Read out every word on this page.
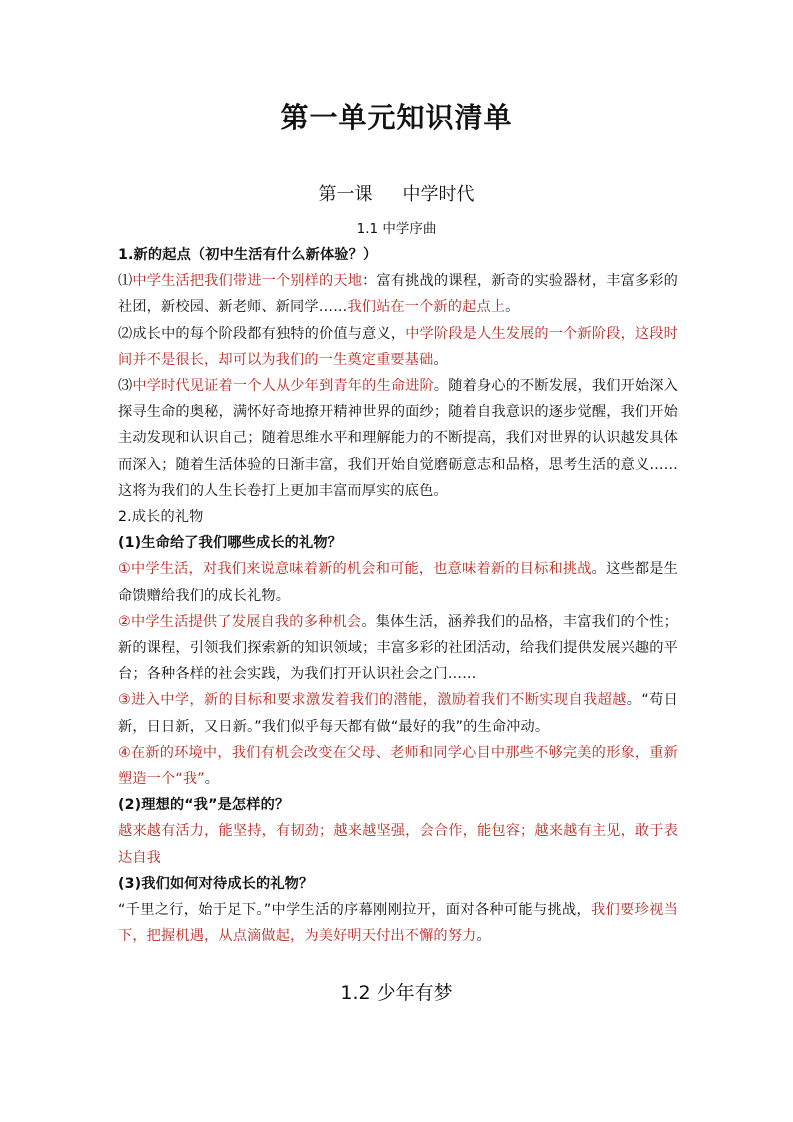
第一单元知识清单
第一课 中学时代
1.1 中学序曲

1.新的起点（初中生活有什么新体验？）

⑴中学生活把我们带进一个别样的天地：富有挑战的课程，新奇的实验器材，丰富多彩的社团，新校园、新老师、新同学……我们站在一个新的起点上。

⑵成长中的每个阶段都有独特的价值与意义，中学阶段是人生发展的一个新阶段，这段时间并不是很长，却可以为我们的一生奠定重要基础。

⑶中学时代见证着一个人从少年到青年的生命进阶。随着身心的不断发展，我们开始深入探寻生命的奥秘，满怀好奇地撩开精神世界的面纱；随着自我意识的逐步觉醒，我们开始主动发现和认识自己；随着思维水平和理解能力的不断提高，我们对世界的认识越发具体而深入；随着生活体验的日渐丰富，我们开始自觉磨砺意志和品格，思考生活的意义……这将为我们的人生长卷打上更加丰富而厚实的底色。

2.成长的礼物

(1)生命给了我们哪些成长的礼物？

①中学生活，对我们来说意味着新的机会和可能，也意味着新的目标和挑战。这些都是生命馈赠给我们的成长礼物。

②中学生活提供了发展自我的多种机会。集体生活，涵养我们的品格，丰富我们的个性；新的课程，引领我们探索新的知识领域；丰富多彩的社团活动，给我们提供发展兴趣的平台；各种各样的社会实践，为我们打开认识社会之门……

③进入中学，新的目标和要求激发着我们的潜能，激励着我们不断实现自我超越。“苟日新，日日新，又日新。”我们似乎每天都有做“最好的我”的生命冲动。

④在新的环境中，我们有机会改变在父母、老师和同学心目中那些不够完美的形象，重新塑造一个“我”。

(2)理想的“我”是怎样的？

越来越有活力，能坚持，有韧劲；越来越坚强，会合作，能包容；越来越有主见，敢于表达自我

(3)我们如何对待成长的礼物？

“千里之行，始于足下。”中学生活的序幕刚刚拉开，面对各种可能与挑战，我们要珍视当下，把握机遇，从点滴做起，为美好明天付出不懈的努力。

1.2 少年有梦
